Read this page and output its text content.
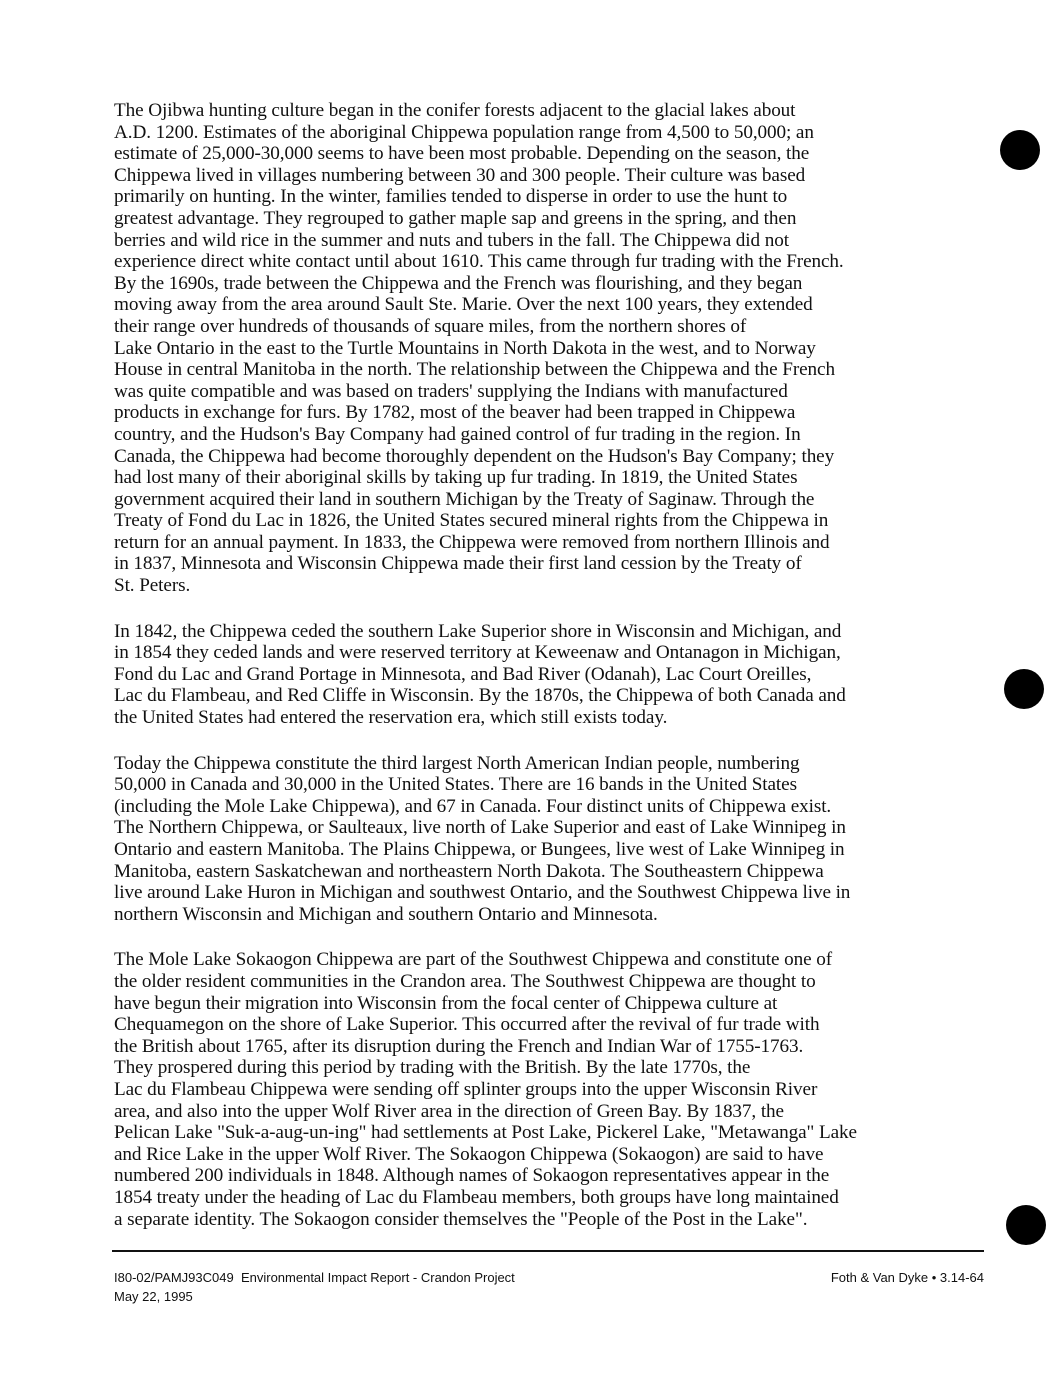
The Ojibwa hunting culture began in the conifer forests adjacent to the glacial lakes about
A.D. 1200. Estimates of the aboriginal Chippewa population range from 4,500 to 50,000; an
estimate of 25,000-30,000 seems to have been most probable. Depending on the season, the
Chippewa lived in villages numbering between 30 and 300 people. Their culture was based
primarily on hunting. In the winter, families tended to disperse in order to use the hunt to
greatest advantage. They regrouped to gather maple sap and greens in the spring, and then
berries and wild rice in the summer and nuts and tubers in the fall. The Chippewa did not
experience direct white contact until about 1610. This came through fur trading with the French.
By the 1690s, trade between the Chippewa and the French was flourishing, and they began
moving away from the area around Sault Ste. Marie. Over the next 100 years, they extended
their range over hundreds of thousands of square miles, from the northern shores of
Lake Ontario in the east to the Turtle Mountains in North Dakota in the west, and to Norway
House in central Manitoba in the north. The relationship between the Chippewa and the French
was quite compatible and was based on traders' supplying the Indians with manufactured
products in exchange for furs. By 1782, most of the beaver had been trapped in Chippewa
country, and the Hudson's Bay Company had gained control of fur trading in the region. In
Canada, the Chippewa had become thoroughly dependent on the Hudson's Bay Company; they
had lost many of their aboriginal skills by taking up fur trading. In 1819, the United States
government acquired their land in southern Michigan by the Treaty of Saginaw. Through the
Treaty of Fond du Lac in 1826, the United States secured mineral rights from the Chippewa in
return for an annual payment. In 1833, the Chippewa were removed from northern Illinois and
in 1837, Minnesota and Wisconsin Chippewa made their first land cession by the Treaty of
St. Peters.

In 1842, the Chippewa ceded the southern Lake Superior shore in Wisconsin and Michigan, and
in 1854 they ceded lands and were reserved territory at Keweenaw and Ontanagon in Michigan,
Fond du Lac and Grand Portage in Minnesota, and Bad River (Odanah), Lac Court Oreilles,
Lac du Flambeau, and Red Cliffe in Wisconsin. By the 1870s, the Chippewa of both Canada and
the United States had entered the reservation era, which still exists today.

Today the Chippewa constitute the third largest North American Indian people, numbering
50,000 in Canada and 30,000 in the United States. There are 16 bands in the United States
(including the Mole Lake Chippewa), and 67 in Canada. Four distinct units of Chippewa exist.
The Northern Chippewa, or Saulteaux, live north of Lake Superior and east of Lake Winnipeg in
Ontario and eastern Manitoba. The Plains Chippewa, or Bungees, live west of Lake Winnipeg in
Manitoba, eastern Saskatchewan and northeastern North Dakota. The Southeastern Chippewa
live around Lake Huron in Michigan and southwest Ontario, and the Southwest Chippewa live in
northern Wisconsin and Michigan and southern Ontario and Minnesota.

The Mole Lake Sokaogon Chippewa are part of the Southwest Chippewa and constitute one of
the older resident communities in the Crandon area. The Southwest Chippewa are thought to
have begun their migration into Wisconsin from the focal center of Chippewa culture at
Chequamegon on the shore of Lake Superior. This occurred after the revival of fur trade with
the British about 1765, after its disruption during the French and Indian War of 1755-1763.
They prospered during this period by trading with the British. By the late 1770s, the
Lac du Flambeau Chippewa were sending off splinter groups into the upper Wisconsin River
area, and also into the upper Wolf River area in the direction of Green Bay. By 1837, the
Pelican Lake "Suk-a-aug-un-ing" had settlements at Post Lake, Pickerel Lake, "Metawanga" Lake
and Rice Lake in the upper Wolf River. The Sokaogon Chippewa (Sokaogon) are said to have
numbered 200 individuals in 1848. Although names of Sokaogon representatives appear in the
1854 treaty under the heading of Lac du Flambeau members, both groups have long maintained
a separate identity. The Sokaogon consider themselves the "People of the Post in the Lake".

I80-02/PAMJ93C049 Environmental Impact Report - Crandon Project
May 22, 1995
Foth & Van Dyke • 3.14-64
